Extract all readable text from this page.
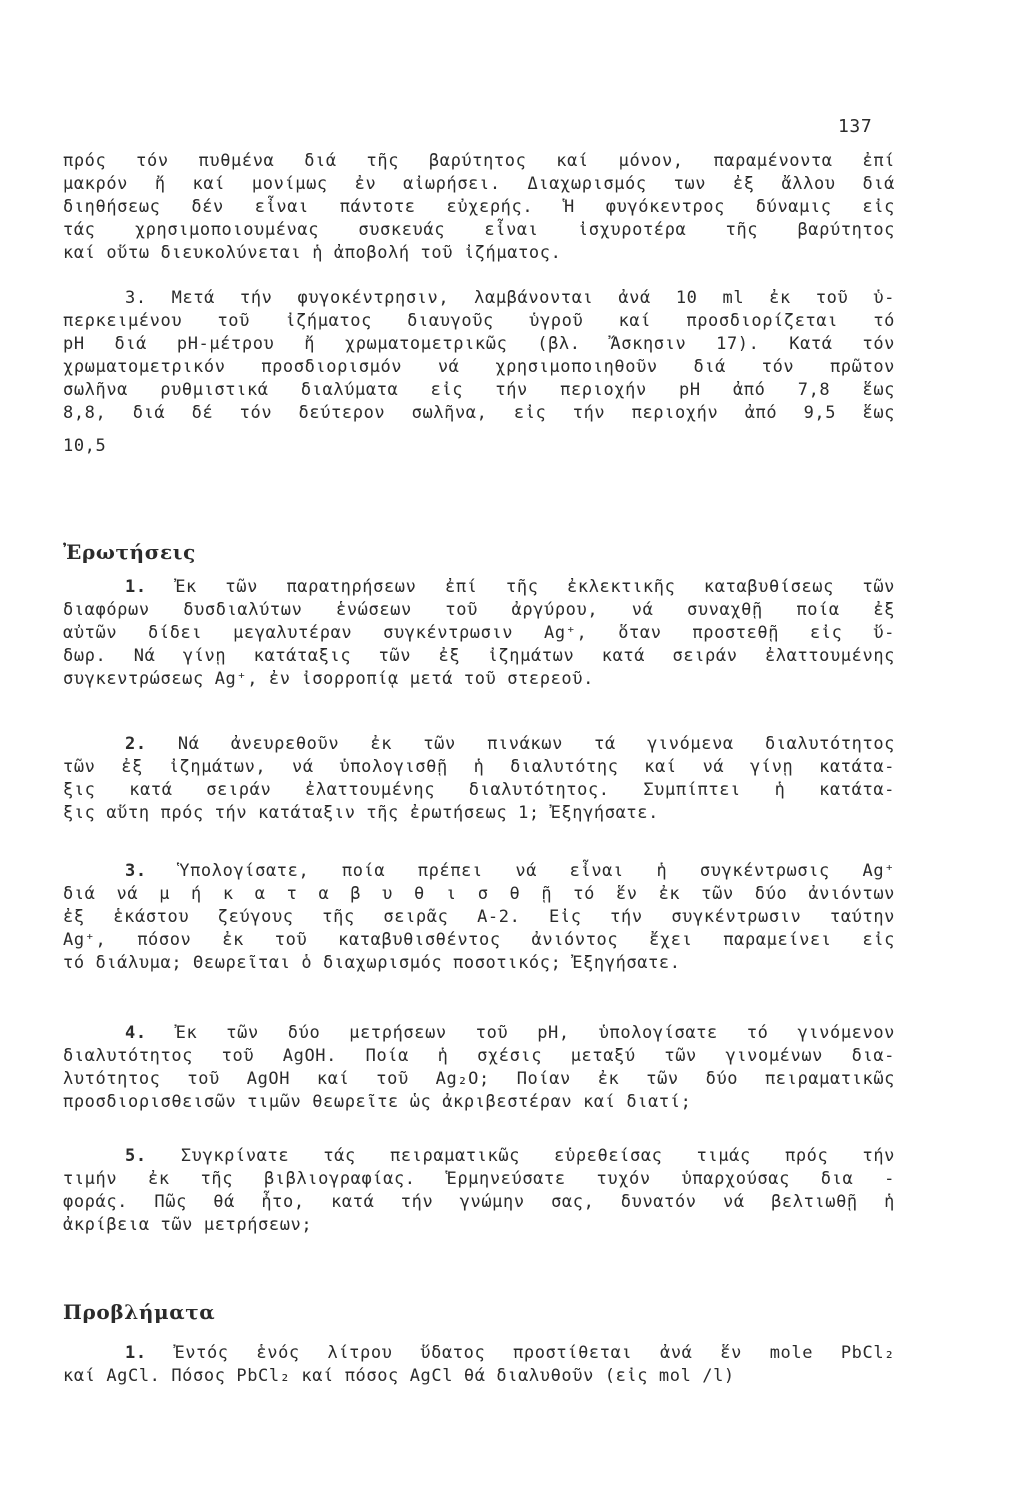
137
πρός τόν πυθμένα διά τῆς βαρύτητος καί μόνον, παραμένοντα ἐπί
μακρόν ἤ καί μονίμως ἐν αἰωρήσει. Διαχωρισμός των ἐξ ἄλλου διά
διηθήσεως δέν εἶναι πάντοτε εὐχερής. Ἡ φυγόκεντρος δύναμις εἰς
τάς χρησιμοποιουμένας συσκευάς εἶναι ἰσχυροτέρα τῆς βαρύτητος
καί οὕτω διευκολύνεται ἡ ἀποβολή τοῦ ἰζήματος.
3. Μετά τήν φυγοκέντρησιν, λαμβάνονται ἀνά 10 ml ἐκ τοῦ ὑ-
περκειμένου τοῦ ἰζήματος διαυγοῦς ὑγροῦ καί προσδιορίζεται τό
pH διά pH-μέτρου ἤ χρωματομετρικῶς (βλ. Ἄσκησιν 17). Κατά τόν
χρωματομετρικόν προσδιορισμόν νά χρησιμοποιηθοῦν διά τόν πρῶτον
σωλῆνα ρυθμιστικά διαλύματα εἰς τήν περιοχήν pH ἀπό 7,8 ἕως
8,8, διά δέ τόν δεύτερον σωλῆνα, εἰς τήν περιοχήν ἀπό 9,5 ἕως
10,5
Ἐρωτήσεις
1. Ἐκ τῶν παρατηρήσεων ἐπί τῆς ἐκλεκτικῆς καταβυθίσεως τῶν
διαφόρων δυσδιαλύτων ἑνώσεων τοῦ ἀργύρου, νά συναχθῇ ποία ἐξ
αὐτῶν δίδει μεγαλυτέραν συγκέντρωσιν Ag⁺, ὅταν προστεθῇ εἰς ὕ-
δωρ. Νά γίνῃ κατάταξις τῶν ἐξ ἰζημάτων κατά σειράν ἐλαττουμένης
συγκεντρώσεως Ag⁺, ἐν ἰσορροπίᾳ μετά τοῦ στερεοῦ.
2. Νά ἀνευρεθοῦν ἐκ τῶν πινάκων τά γινόμενα διαλυτότητος
τῶν ἐξ ἰζημάτων, νά ὑπολογισθῇ ἡ διαλυτότης καί νά γίνῃ κατάτα-
ξις κατά σειράν ἐλαττουμένης διαλυτότητος. Συμπίπτει ἡ κατάτα-
ξις αὕτη πρός τήν κατάταξιν τῆς ἐρωτήσεως 1; Ἐξηγήσατε.
3. Ὑπολογίσατε, ποία πρέπει νά εἶναι ἡ συγκέντρωσις Ag⁺
διά νά μ ή κ α τ α β υ θ ι σ θ ῇ τό ἕν ἐκ τῶν δύο ἀνιόντων
ἐξ ἑκάστου ζεύγους τῆς σειρᾶς Α-2. Εἰς τήν συγκέντρωσιν ταύτην
Ag⁺, πόσον ἐκ τοῦ καταβυθισθέντος ἀνιόντος ἔχει παραμείνει εἰς
τό διάλυμα; Θεωρεῖται ὁ διαχωρισμός ποσοτικός; Ἐξηγήσατε.
4. Ἐκ τῶν δύο μετρήσεων τοῦ pH, ὑπολογίσατε τό γινόμενον
διαλυτότητος τοῦ AgOH. Ποία ἡ σχέσις μεταξύ τῶν γινομένων δια-
λυτότητος τοῦ AgOH καί τοῦ Ag₂O; Ποίαν ἐκ τῶν δύο πειραματικῶς
προσδιορισθεισῶν τιμῶν θεωρεῖτε ὡς ἀκριβεστέραν καί διατί;
5. Συγκρίνατε τάς πειραματικῶς εὑρεθείσας τιμάς πρός τήν
τιμήν ἐκ τῆς βιβλιογραφίας. Ἑρμηνεύσατε τυχόν ὑπαρχούσας δια -
φοράς. Πῶς θά ἦτο, κατά τήν γνώμην σας, δυνατόν νά βελτιωθῇ ἡ
ἀκρίβεια τῶν μετρήσεων;
Προβλήματα
1. Ἐντός ἑνός λίτρου ὕδατος προστίθεται ἀνά ἕν mole PbCl₂
καί AgCl. Πόσος PbCl₂ καί πόσος AgCl θά διαλυθοῦν (εἰς mol /l)
